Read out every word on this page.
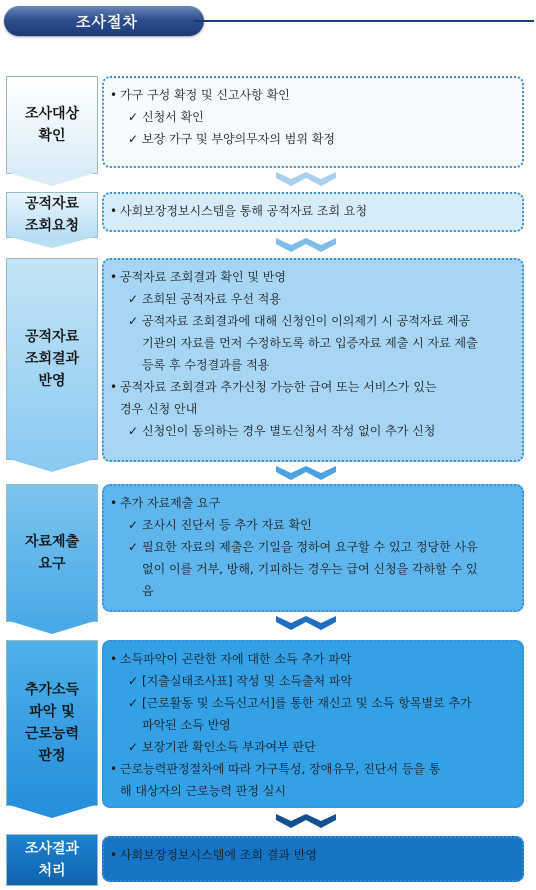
조사절차
조사대상
확인
• 가구 구성 확정 및 신고사항 확인
✓ 신청서 확인
✓ 보장 가구 및 부양의무자의 범위 확정
공적자료
조회요청
• 사회보장정보시스템을 통해 공적자료 조회 요청
공적자료
조회결과
반영
• 공적자료 조회결과 확인 및 반영
✓ 조회된 공적자료 우선 적용
✓ 공적자료 조회결과에 대해 신청인이 이의제기 시 공적자료 제공
기관의 자료를 먼저 수정하도록 하고 입증자료 제출 시 자료 제출
등록 후 수정결과를 적용
• 공적자료 조회결과 추가신청 가능한 급여 또는 서비스가 있는
경우 신청 안내
✓ 신청인이 동의하는 경우 별도신청서 작성 없이 추가 신청
자료제출
요구
• 추가 자료제출 요구
✓ 조사시 진단서 등 추가 자료 확인
✓ 필요한 자료의 제출은 기일을 정하여 요구할 수 있고 정당한 사유
없이 이를 거부, 방해, 기피하는 경우는 급여 신청을 각하할 수 있
음
추가소득
파악 및
근로능력
판정
• 소득파악이 곤란한 자에 대한 소득 추가 파악
✓ [지출실태조사표] 작성 및 소득출처 파악
✓ [근로활동 및 소득신고서]를 통한 재신고 및 소득 항목별로 추가
파악된 소득 반영
✓ 보장기관 확인소득 부과여부 판단
• 근로능력판정절차에 따라 가구특성, 장애유무, 진단서 등을 통
해 대상자의 근로능력 판정 실시
조사결과
처리
• 사회보장정보시스템에 조회 결과 반영
